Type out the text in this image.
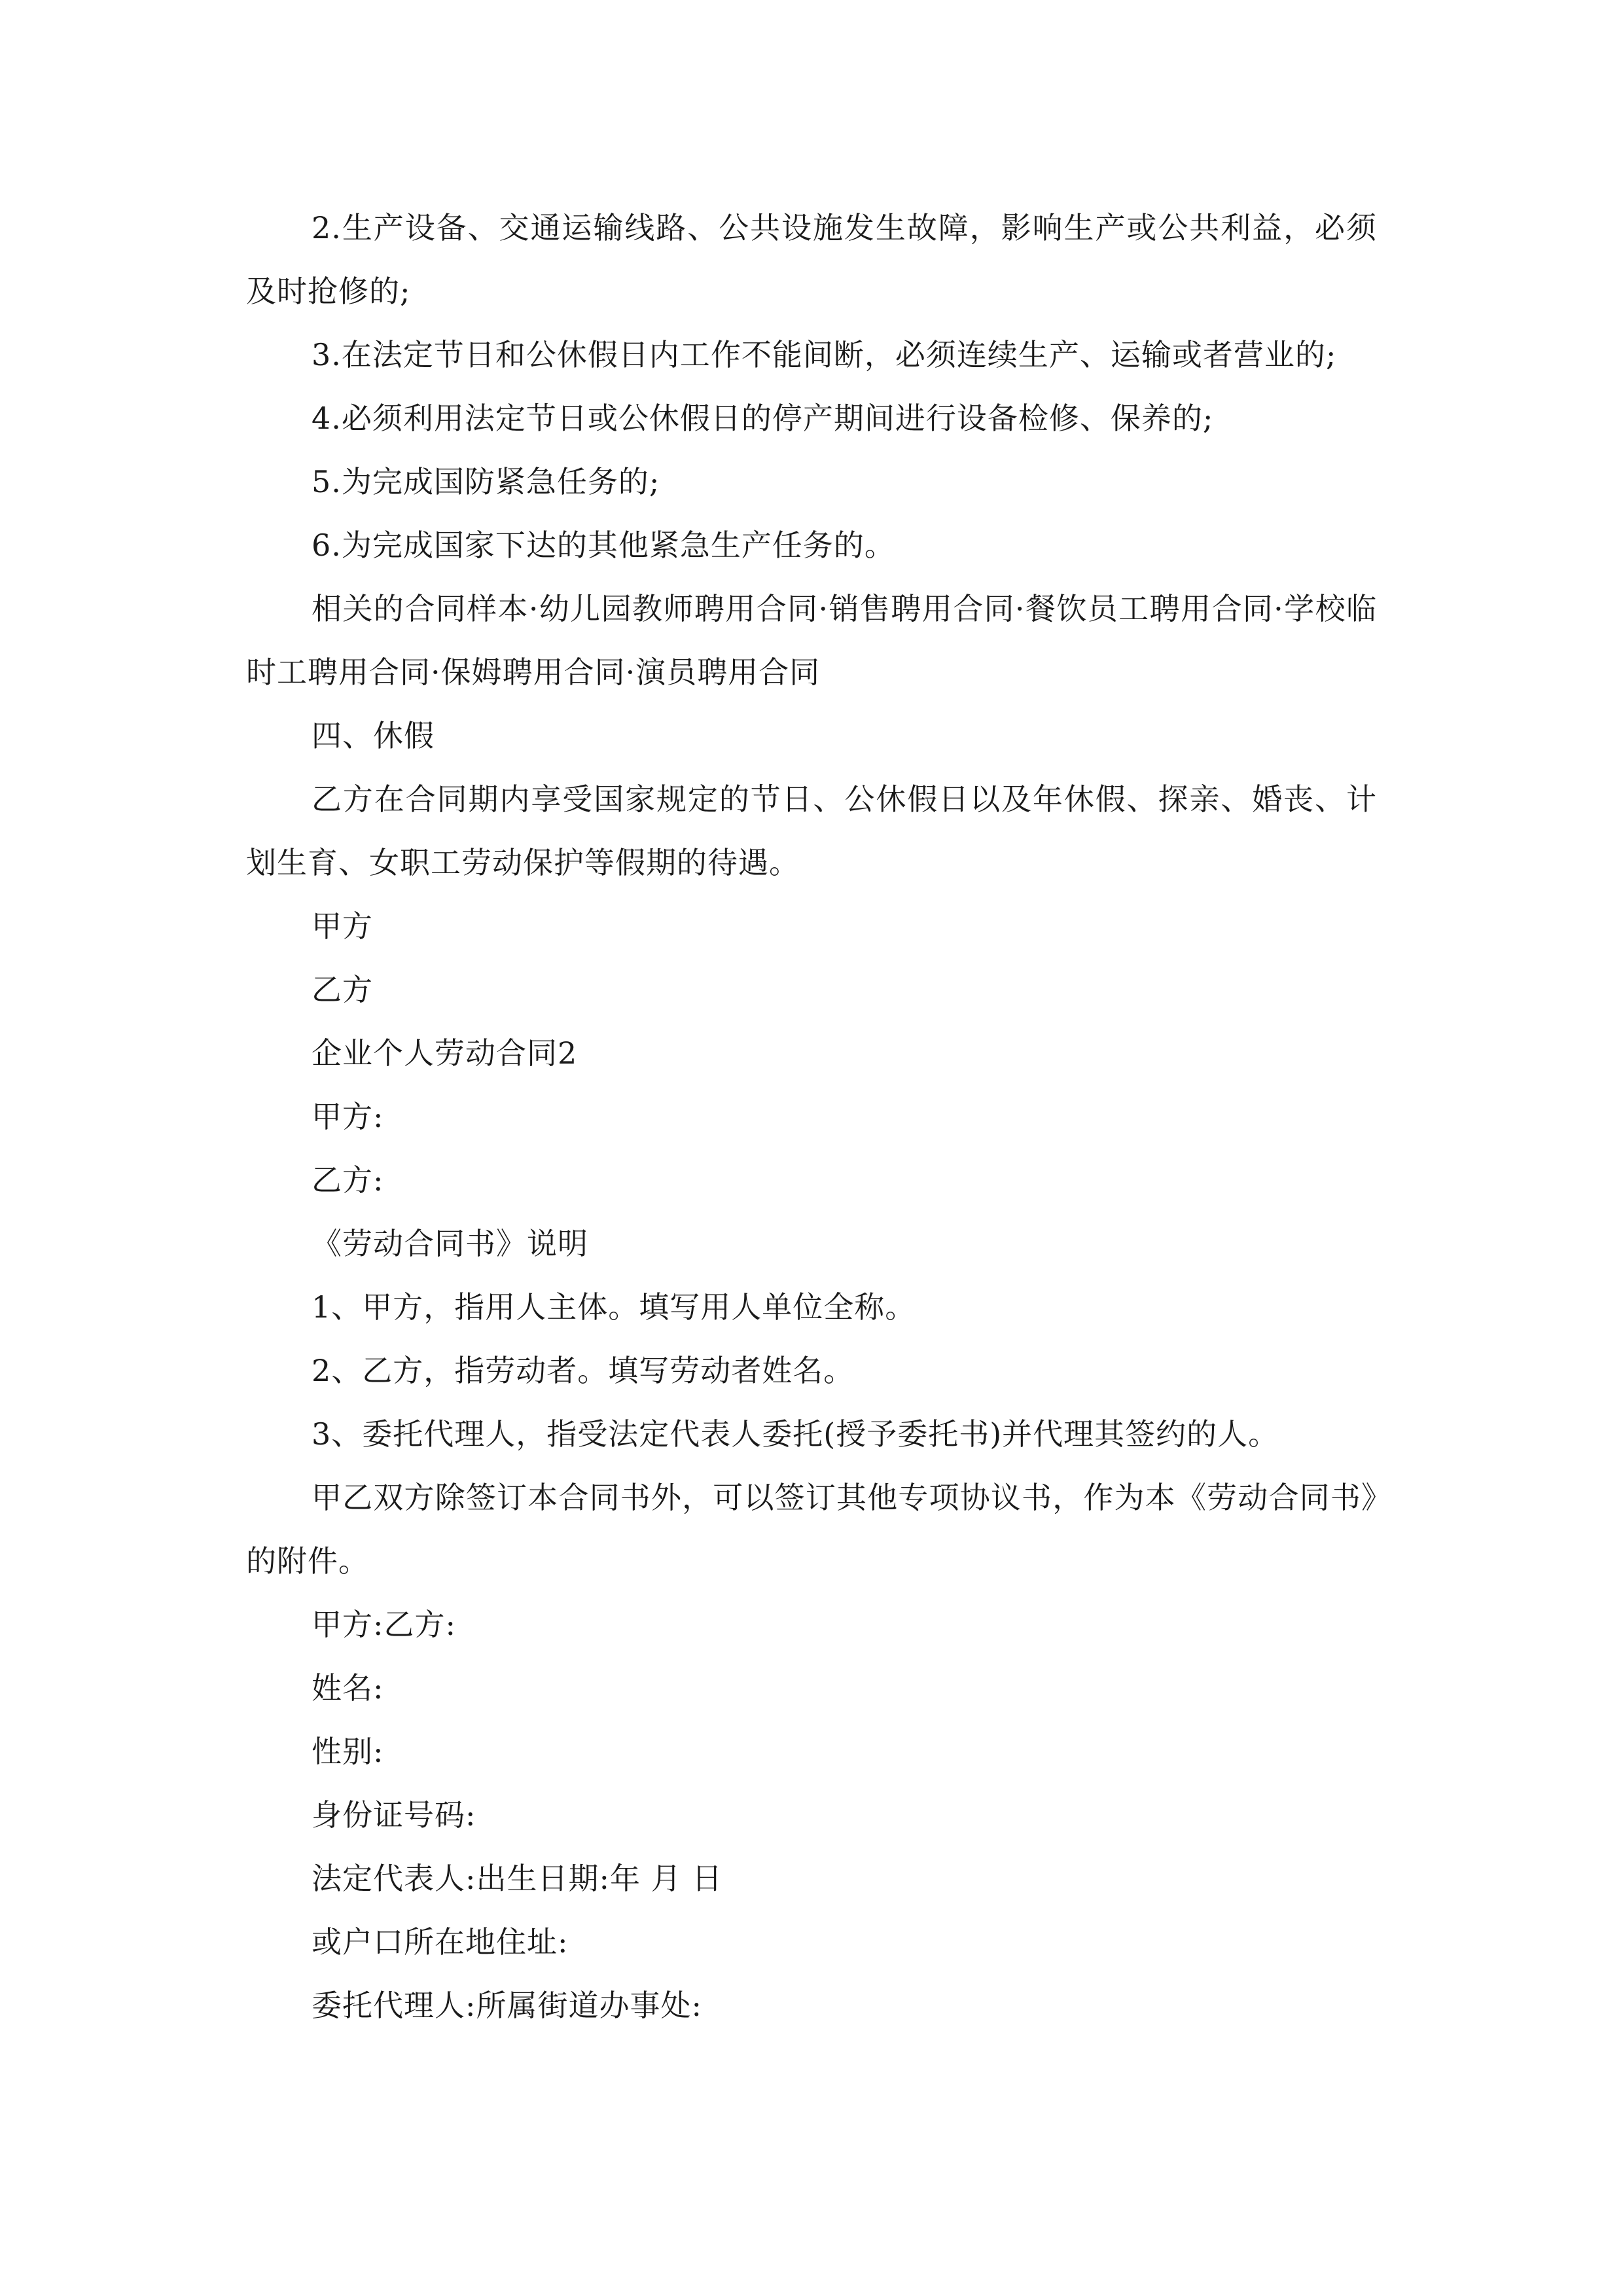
2.生产设备、交通运输线路、公共设施发生故障，影响生产或公共利益，必须及时抢修的;

3.在法定节日和公休假日内工作不能间断，必须连续生产、运输或者营业的;

4.必须利用法定节日或公休假日的停产期间进行设备检修、保养的;

5.为完成国防紧急任务的;

6.为完成国家下达的其他紧急生产任务的。

相关的合同样本·幼儿园教师聘用合同·销售聘用合同·餐饮员工聘用合同·学校临时工聘用合同·保姆聘用合同·演员聘用合同

四、休假

乙方在合同期内享受国家规定的节日、公休假日以及年休假、探亲、婚丧、计划生育、女职工劳动保护等假期的待遇。

甲方

乙方

企业个人劳动合同2

甲方:

乙方:

《劳动合同书》说明

1、甲方，指用人主体。填写用人单位全称。

2、乙方，指劳动者。填写劳动者姓名。

3、委托代理人，指受法定代表人委托(授予委托书)并代理其签约的人。

甲乙双方除签订本合同书外，可以签订其他专项协议书，作为本《劳动合同书》的附件。

甲方:乙方:

姓名:

性别:

身份证号码:

法定代表人:出生日期:年 月 日

或户口所在地住址:

委托代理人:所属街道办事处:
